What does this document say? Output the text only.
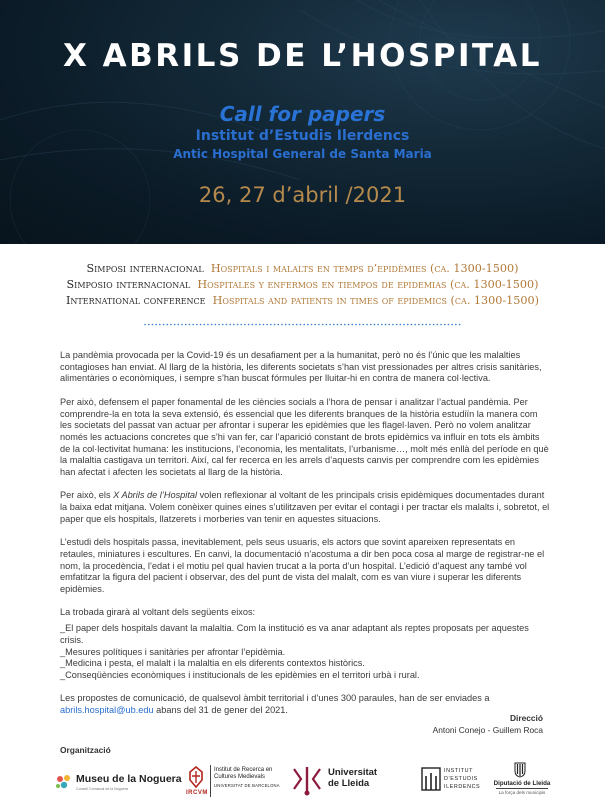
X ABRILS DE L’HOSPITAL
Call for papers
Institut d’Estudis Ilerdencs
Antic Hospital General de Santa Maria
26, 27 d’abril /2021
Simposi internacional Hospitals i malalts en temps d’epidèmies (ca. 1300-1500)
Simposio internacional Hospitales y enfermos en tiempos de epidemias (ca. 1300-1500)
International conference Hospitals and patients in times of epidemics (ca. 1300-1500)

La pandèmia provocada per la Covid-19 és un desafiament per a la humanitat, però no és l’únic que les malalties contagioses han enviat. Al llarg de la història, les diferents societats s’han vist pressionades per altres crisis sanitàries, alimentàries o econòmiques, i sempre s’han buscat fórmules per lluitar-hi en contra de manera col·lectiva.

Per això, defensem el paper fonamental de les ciències socials a l’hora de pensar i analitzar l’actual pandèmia. Per comprendre-la en tota la seva extensió, és essencial que les diferents branques de la història estudiïn la manera com les societats del passat van actuar per afrontar i superar les epidèmies que les flagel·laven. Però no volem analitzar només les actuacions concretes que s’hi van fer, car l’aparició constant de brots epidèmics va influir en tots els àmbits de la col·lectivitat humana: les institucions, l’economia, les mentalitats, l’urbanisme…, molt més enllà del període en què la malaltia castigava un territori. Així, cal fer recerca en les arrels d’aquests canvis per comprendre com les epidèmies han afectat i afecten les societats al llarg de la història.

Per això, els X Abrils de l’Hospital volen reflexionar al voltant de les principals crisis epidèmiques documentades durant la baixa edat mitjana. Volem conèixer quines eines s’utilitzaven per evitar el contagi i per tractar els malalts i, sobretot, el paper que els hospitals, llatzerets i morberies van tenir en aquestes situacions.

L’estudi dels hospitals passa, inevitablement, pels seus usuaris, els actors que sovint apareixen representats en retaules, miniatures i escultures. En canvi, la documentació n’acostuma a dir ben poca cosa al marge de registrar-ne el nom, la procedència, l’edat i el motiu pel qual havien trucat a la porta d’un hospital. L’edició d’aquest any també vol emfatitzar la figura del pacient i observar, des del punt de vista del malalt, com es van viure i superar les diferents epidèmies.

La trobada girarà al voltant dels següents eixos:

_El paper dels hospitals davant la malaltia. Com la institució es va anar adaptant als reptes proposats per aquestes crisis.
_Mesures polítiques i sanitàries per afrontar l’epidèmia.
_Medicina i pesta, el malalt i la malaltia en els diferents contextos històrics.
_Conseqüències econòmiques i institucionals de les epidèmies en el territori urbà i rural.

Les propostes de comunicació, de qualsevol àmbit territorial i d’unes 300 paraules, han de ser enviades a
abrils.hospital@ub.edu abans del 31 de gener del 2021.

Direcció
Antoni Conejo - Guillem Roca
Organització
Museu de la Noguera
Consell Comarcal de la Noguera
IRCVM
Institut de Recerca en
Cultures Medievals
UNIVERSITAT DE BARCELONA
Universitat
de Lleida
INSTITUT
D’ESTUDIS
ILERDENCS	Diputació de Lleida
La força dels municipis
